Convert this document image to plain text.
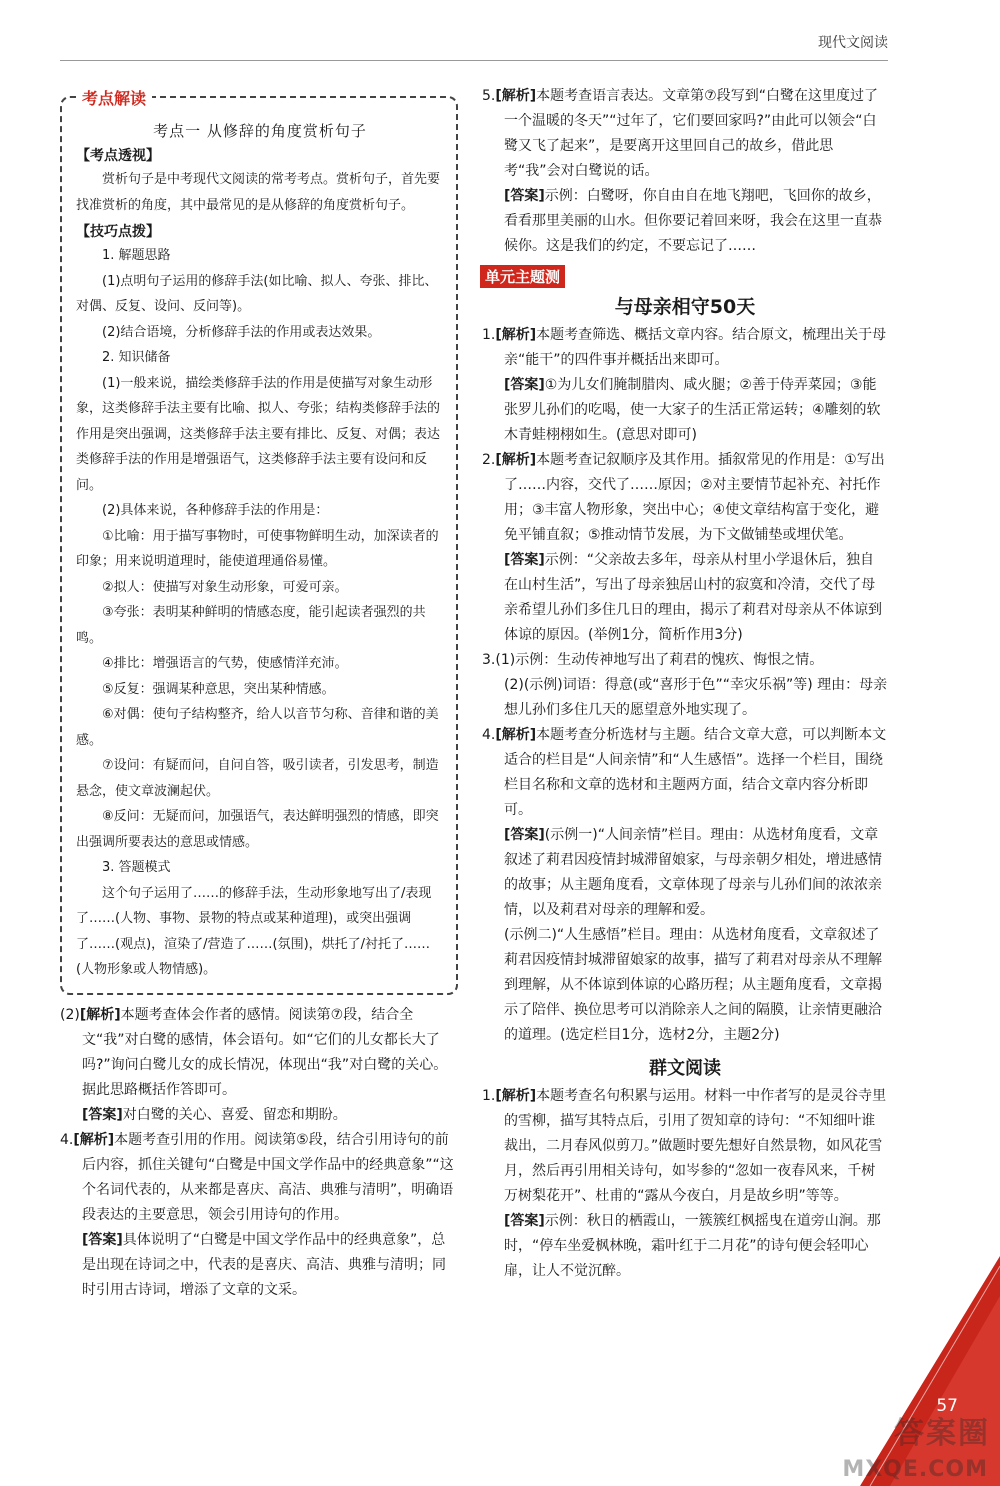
现代文阅读
考点解读
考点一 从修辞的角度赏析句子
【考点透视】

赏析句子是中考现代文阅读的常考考点。赏析句子，首先要找准赏析的角度，其中最常见的是从修辞的角度赏析句子。

【技巧点拨】

1. 解题思路

(1)点明句子运用的修辞手法(如比喻、拟人、夸张、排比、对偶、反复、设问、反问等)。

(2)结合语境，分析修辞手法的作用或表达效果。

2. 知识储备

(1)一般来说，描绘类修辞手法的作用是使描写对象生动形象，这类修辞手法主要有比喻、拟人、夸张；结构类修辞手法的作用是突出强调，这类修辞手法主要有排比、反复、对偶；表达类修辞手法的作用是增强语气，这类修辞手法主要有设问和反问。

(2)具体来说，各种修辞手法的作用是：

①比喻：用于描写事物时，可使事物鲜明生动，加深读者的印象；用来说明道理时，能使道理通俗易懂。

②拟人：使描写对象生动形象，可爱可亲。

③夸张：表明某种鲜明的情感态度，能引起读者强烈的共鸣。

④排比：增强语言的气势，使感情洋充沛。

⑤反复：强调某种意思，突出某种情感。

⑥对偶：使句子结构整齐，给人以音节匀称、音律和谐的美感。

⑦设问：有疑而问，自问自答，吸引读者，引发思考，制造悬念，使文章波澜起伏。

⑧反问：无疑而问，加强语气，表达鲜明强烈的情感，即突出强调所要表达的意思或情感。

3. 答题模式

这个句子运用了……的修辞手法，生动形象地写出了/表现了……(人物、事物、景物的特点或某种道理)，或突出强调了……(观点)，渲染了/营造了……(氛围)，烘托了/衬托了……(人物形象或人物情感)。

(2)[解析]本题考查体会作者的感情。阅读第⑦段，结合全文“我”对白鹭的感情，体会语句。如“它们的儿女都长大了吗?”询问白鹭儿女的成长情况，体现出“我”对白鹭的关心。据此思路概括作答即可。

[答案]对白鹭的关心、喜爱、留恋和期盼。

4.[解析]本题考查引用的作用。阅读第⑤段，结合引用诗句的前后内容，抓住关键句“白鹭是中国文学作品中的经典意象”“这个名词代表的，从来都是喜庆、高洁、典雅与清明”，明确语段表达的主要意思，领会引用诗句的作用。

[答案]具体说明了“白鹭是中国文学作品中的经典意象”，总是出现在诗词之中，代表的是喜庆、高洁、典雅与清明；同时引用古诗词，增添了文章的文采。

5.[解析]本题考查语言表达。文章第⑦段写到“白鹭在这里度过了一个温暖的冬天”“过年了，它们要回家吗?”由此可以领会“白鹭又飞了起来”，是要离开这里回自己的故乡，借此思考“我”会对白鹭说的话。

[答案]示例：白鹭呀，你自由自在地飞翔吧，飞回你的故乡，看看那里美丽的山水。但你要记着回来呀，我会在这里一直恭候你。这是我们的约定，不要忘记了……

单元主题测
与母亲相守50天

1.[解析]本题考查筛选、概括文章内容。结合原文，梳理出关于母亲“能干”的四件事并概括出来即可。

[答案]①为儿女们腌制腊肉、咸火腿；②善于侍弄菜园；③能张罗儿孙们的吃喝，使一大家子的生活正常运转；④雕刻的软木青蛙栩栩如生。(意思对即可)

2.[解析]本题考查记叙顺序及其作用。插叙常见的作用是：①写出了……内容，交代了……原因；②对主要情节起补充、衬托作用；③丰富人物形象，突出中心；④使文章结构富于变化，避免平铺直叙；⑤推动情节发展，为下文做铺垫或埋伏笔。

[答案]示例：“父亲故去多年，母亲从村里小学退休后，独自在山村生活”，写出了母亲独居山村的寂寞和冷清，交代了母亲希望儿孙们多住几日的理由，揭示了莉君对母亲从不体谅到体谅的原因。(举例1分，简析作用3分)

3.(1)示例：生动传神地写出了莉君的愧疚、悔恨之情。

(2)(示例)词语：得意(或“喜形于色”“幸灾乐祸”等) 理由：母亲想儿孙们多住几天的愿望意外地实现了。

4.[解析]本题考查分析选材与主题。结合文章大意，可以判断本文适合的栏目是“人间亲情”和“人生感悟”。选择一个栏目，围绕栏目名称和文章的选材和主题两方面，结合文章内容分析即可。

[答案](示例一)“人间亲情”栏目。理由：从选材角度看，文章叙述了莉君因疫情封城滞留娘家，与母亲朝夕相处，增进感情的故事；从主题角度看，文章体现了母亲与儿孙们间的浓浓亲情，以及莉君对母亲的理解和爱。

(示例二)“人生感悟”栏目。理由：从选材角度看，文章叙述了莉君因疫情封城滞留娘家的故事，描写了莉君对母亲从不理解到理解，从不体谅到体谅的心路历程；从主题角度看，文章揭示了陪伴、换位思考可以消除亲人之间的隔膜，让亲情更融洽的道理。(选定栏目1分，选材2分，主题2分)

群文阅读

1.[解析]本题考查名句积累与运用。材料一中作者写的是灵谷寺里的雪柳，描写其特点后，引用了贺知章的诗句：“不知细叶谁裁出，二月春风似剪刀。”做题时要先想好自然景物，如风花雪月，然后再引用相关诗句，如岑参的“忽如一夜春风来，千树万树梨花开”、杜甫的“露从今夜白，月是故乡明”等等。

[答案]示例：秋日的栖霞山，一簇簇红枫摇曳在道旁山涧。那时，“停车坐爱枫林晚，霜叶红于二月花”的诗句便会轻叩心扉，让人不觉沉醉。

57
答案圈
MXQE.COM
